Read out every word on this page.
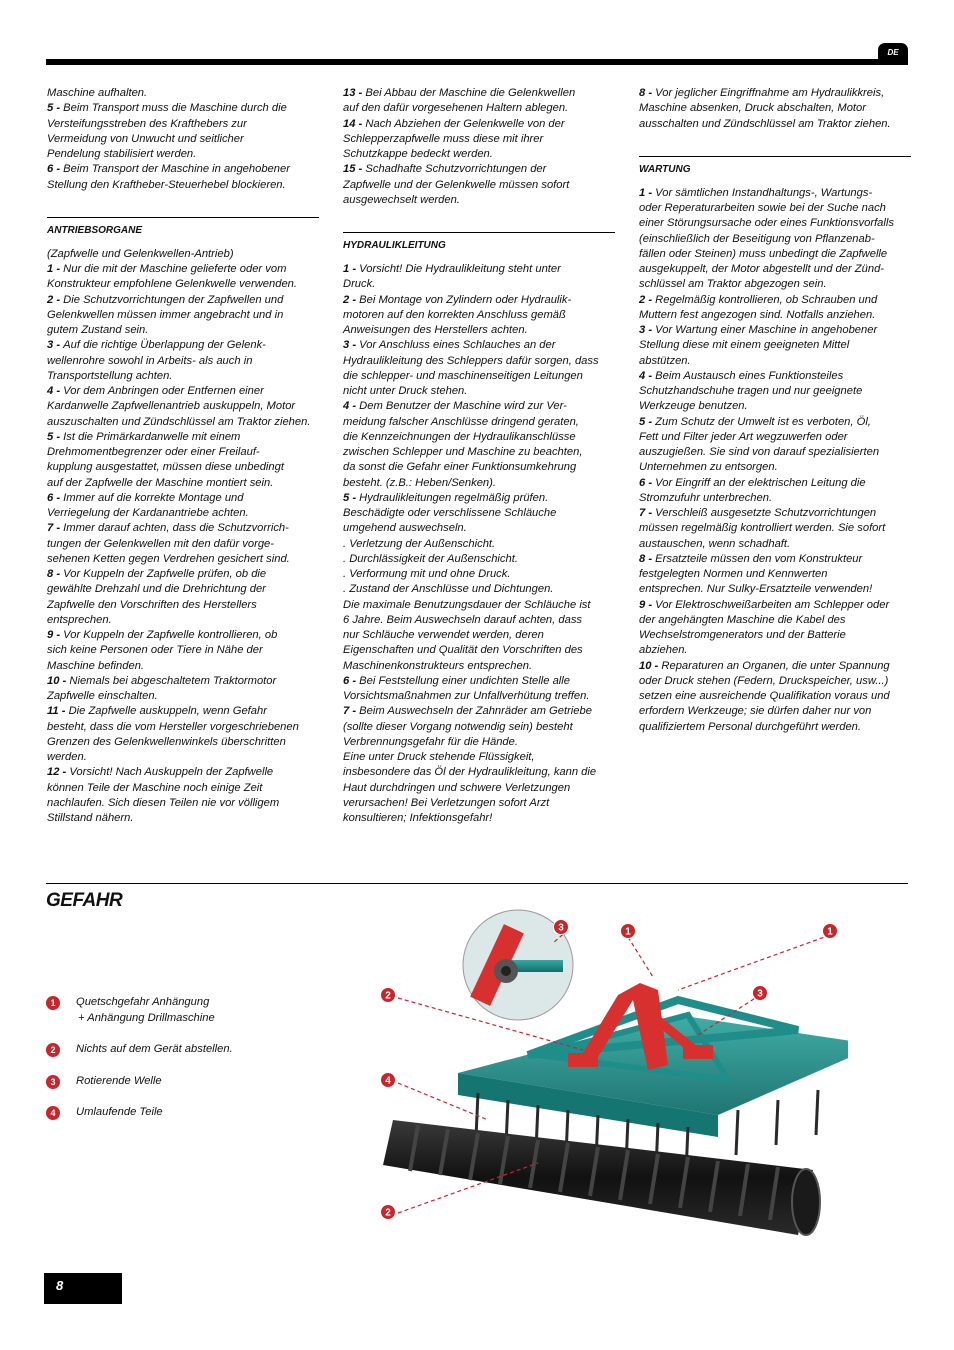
DE

Maschine aufhalten.

5 - Beim Transport muss die Maschine durch die

Versteifungsstreben des Krafthebers zur

Vermeidung von Unwucht und seitlicher

Pendelung stabilisiert werden.

6 - Beim Transport der Maschine in angehobener

Stellung den Kraftheber-Steuerhebel blockieren.

ANTRIEBSORGANE

(Zapfwelle und Gelenkwellen-Antrieb)

1 - Nur die mit der Maschine gelieferte oder vom

Konstrukteur empfohlene Gelenkwelle verwenden.

2 - Die Schutzvorrichtungen der Zapfwellen und

Gelenkwellen müssen immer angebracht und in

gutem Zustand sein.

3 - Auf die richtige Überlappung der Gelenk-

wellenrohre sowohl in Arbeits- als auch in

Transportstellung achten.

4 - Vor dem Anbringen oder Entfernen einer

Kardanwelle Zapfwellenantrieb auskuppeln, Motor

auszuschalten und Zündschlüssel am Traktor ziehen.

5 - Ist die Primärkardanwelle mit einem

Drehmomentbegrenzer oder einer Freilauf-

kupplung ausgestattet, müssen diese unbedingt

auf der Zapfwelle der Maschine montiert sein.

6 - Immer auf die korrekte Montage und

Verriegelung der Kardanantriebe achten.

7 - Immer darauf achten, dass die Schutzvorrich-

tungen der Gelenkwellen mit den dafür vorge-

sehenen Ketten gegen Verdrehen gesichert sind.

8 - Vor Kuppeln der Zapfwelle prüfen, ob die

gewählte Drehzahl und die Drehrichtung der

Zapfwelle den Vorschriften des Herstellers

entsprechen.

9 - Vor Kuppeln der Zapfwelle kontrollieren, ob

sich keine Personen oder Tiere in Nähe der

Maschine befinden.

10 - Niemals bei abgeschaltetem Traktormotor

Zapfwelle einschalten.

11 - Die Zapfwelle auskuppeln, wenn Gefahr

besteht, dass die vom Hersteller vorgeschriebenen

Grenzen des Gelenkwellenwinkels überschritten

werden.

12 - Vorsicht! Nach Auskuppeln der Zapfwelle

können Teile der Maschine noch einige Zeit

nachlaufen. Sich diesen Teilen nie vor völligem

Stillstand nähern.

13 - Bei Abbau der Maschine die Gelenkwellen

auf den dafür vorgesehenen Haltern ablegen.

14 - Nach Abziehen der Gelenkwelle von der

Schlepperzapfwelle muss diese mit ihrer

Schutzkappe bedeckt werden.

15 - Schadhafte Schutzvorrichtungen der

Zapfwelle und der Gelenkwelle müssen sofort

ausgewechselt werden.

HYDRAULIKLEITUNG

1 - Vorsicht! Die Hydraulikleitung steht unter

Druck.

2 - Bei Montage von Zylindern oder Hydraulik-

motoren auf den korrekten Anschluss gemäß

Anweisungen des Herstellers achten.

3 - Vor Anschluss eines Schlauches an der

Hydraulikleitung des Schleppers dafür sorgen, dass

die schlepper- und maschinenseitigen Leitungen

nicht unter Druck stehen.

4 - Dem Benutzer der Maschine wird zur Ver-

meidung falscher Anschlüsse dringend geraten,

die Kennzeichnungen der Hydraulikanschlüsse

zwischen Schlepper und Maschine zu beachten,

da sonst die Gefahr einer Funktionsumkehrung

besteht. (z.B.: Heben/Senken).

5 - Hydraulikleitungen regelmäßig prüfen.

Beschädigte oder verschlissene Schläuche

umgehend auswechseln.

. Verletzung der Außenschicht.

. Durchlässigkeit der Außenschicht.

. Verformung mit und ohne Druck.

. Zustand der Anschlüsse und Dichtungen.

Die maximale Benutzungsdauer der Schläuche ist

6 Jahre. Beim Auswechseln darauf achten, dass

nur Schläuche verwendet werden, deren

Eigenschaften und Qualität den Vorschriften des

Maschinenkonstrukteurs entsprechen.

6 - Bei Feststellung einer undichten Stelle alle

Vorsichtsmaßnahmen zur Unfallverhütung treffen.

7 - Beim Auswechseln der Zahnräder am Getriebe

(sollte dieser Vorgang notwendig sein) besteht

Verbrennungsgefahr für die Hände.

Eine unter Druck stehende Flüssigkeit,

insbesondere das Öl der Hydraulikleitung, kann die

Haut durchdringen und schwere Verletzungen

verursachen! Bei Verletzungen sofort Arzt

konsultieren; Infektionsgefahr!

8 - Vor jeglicher Eingriffnahme am Hydraulikkreis,

Maschine absenken, Druck abschalten, Motor

ausschalten und Zündschlüssel am Traktor ziehen.

WARTUNG

1 - Vor sämtlichen Instandhaltungs-, Wartungs-

oder Reperaturarbeiten sowie bei der Suche nach

einer Störungsursache oder eines Funktionsvorfalls

(einschließlich der Beseitigung von Pflanzenab-

fällen oder Steinen) muss unbedingt die Zapfwelle

ausgekuppelt, der Motor abgestellt und der Zünd-

schlüssel am Traktor abgezogen sein.

2 - Regelmäßig kontrollieren, ob Schrauben und

Muttern fest angezogen sind. Notfalls anziehen.

3 - Vor Wartung einer Maschine in angehobener

Stellung diese mit einem geeigneten Mittel

abstützen.

4 - Beim Austausch eines Funktionsteiles

Schutzhandschuhe tragen und nur geeignete

Werkzeuge benutzen.

5 - Zum Schutz der Umwelt ist es verboten, Öl,

Fett und Filter jeder Art wegzuwerfen oder

auszugießen. Sie sind von darauf spezialisierten

Unternehmen zu entsorgen.

6 - Vor Eingriff an der elektrischen Leitung die

Stromzufuhr unterbrechen.

7 - Verschleiß ausgesetzte Schutzvorrichtungen

müssen regelmäßig kontrolliert werden. Sie sofort

austauschen, wenn schadhaft.

8 - Ersatzteile müssen den vom Konstrukteur

festgelegten Normen und Kennwerten

entsprechen. Nur Sulky-Ersatzteile verwenden!

9 - Vor Elektroschweißarbeiten am Schlepper oder

der angehängten Maschine die Kabel des

Wechselstromgenerators und der Batterie

abziehen.

10 - Reparaturen an Organen, die unter Spannung

oder Druck stehen (Federn, Druckspeicher, usw...)

setzen eine ausreichende Qualifikation voraus und

erfordern Werkzeuge; sie dürfen daher nur von

qualifiziertem Personal durchgeführt werden.

GEFAHR
1	Quetschgefahr Anhängung
+ Anhängung Drillmaschine
2	Nichts auf dem Gerät abstellen.
3	Rotierende Welle
4	Umlaufende Teile
3	1	1
2	3
4
2
8
